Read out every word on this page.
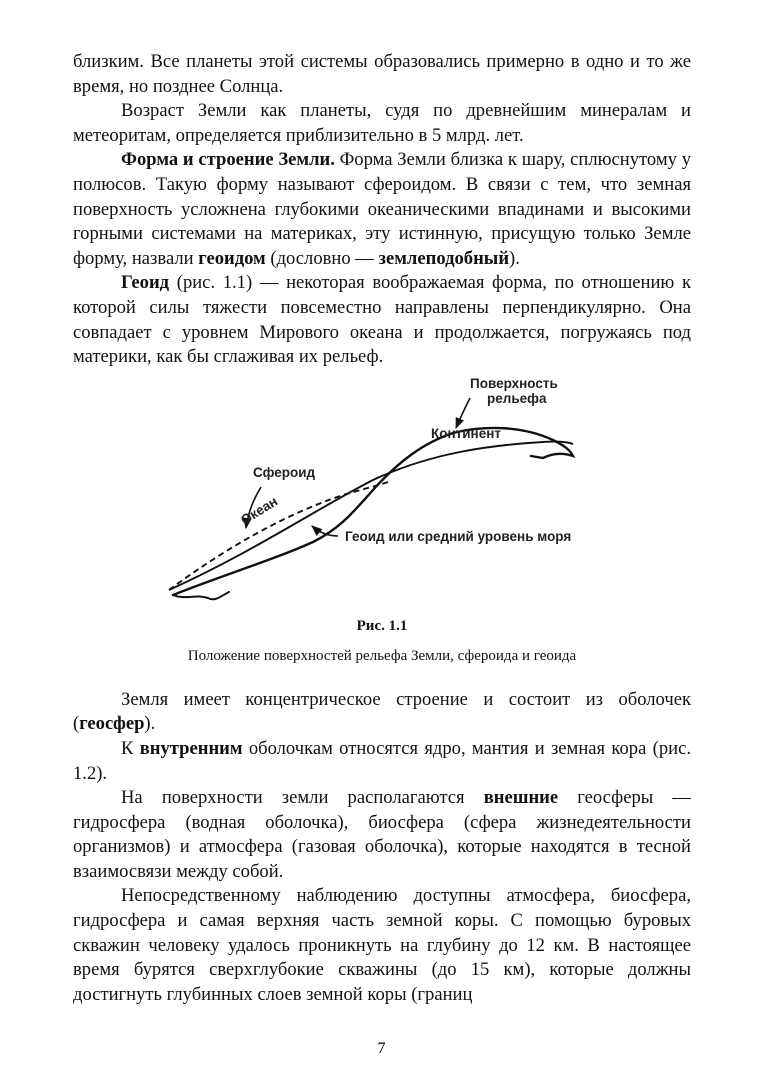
близким. Все планеты этой системы образовались примерно в одно и то же время, но позднее Солнца.

Возраст Земли как планеты, судя по древнейшим минералам и метеоритам, определяется приблизительно в 5 млрд. лет.

Форма и строение Земли. Форма Земли близка к шару, сплюснутому у полюсов. Такую форму называют сфероидом. В связи с тем, что земная поверхность усложнена глубокими океаническими впадинами и высокими горными системами на материках, эту истинную, присущую только Земле форму, назвали геоидом (дословно — землеподобный).

Геоид (рис. 1.1) — некоторая воображаемая форма, по отношению к которой силы тяжести повсеместно направлены перпендикулярно. Она совпадает с уровнем Мирового океана и продолжается, погружаясь под материки, как бы сглаживая их рельеф.

Поверхность
рельефа
Континент
Сфероид
Океан
Геоид или средний уровень моря
Рис. 1.1
Положение поверхностей рельефа Земли, сфероида и геоида

Земля имеет концентрическое строение и состоит из оболочек (геосфер).

К внутренним оболочкам относятся ядро, мантия и земная кора (рис. 1.2).

На поверхности земли располагаются внешние геосферы — гидросфера (водная оболочка), биосфера (сфера жизнедеятельности организмов) и атмосфера (газовая оболочка), которые находятся в тесной взаимосвязи между собой.

Непосредственному наблюдению доступны атмосфера, биосфера, гидросфера и самая верхняя часть земной коры. С помощью буровых скважин человеку удалось проникнуть на глубину до 12 км. В настоящее время бурятся сверхглубокие скважины (до 15 км), которые должны достигнуть глубинных слоев земной коры (границ

7
